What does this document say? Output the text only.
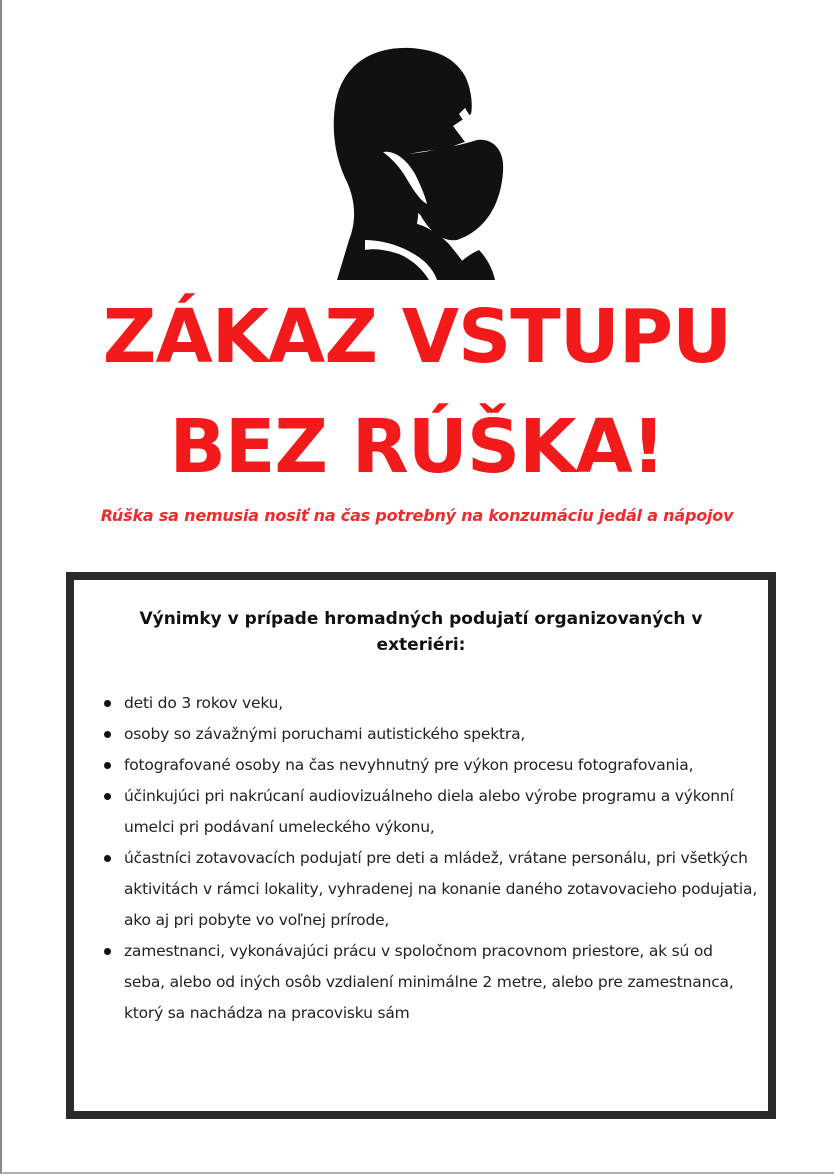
ZÁKAZ VSTUPU
BEZ RÚŠKA!
Rúška sa nemusia nosiť na čas potrebný na konzumáciu jedál a nápojov
Výnimky v prípade hromadných podujatí organizovaných v exteriéri:
deti do 3 rokov veku,
osoby so závažnými poruchami autistického spektra,
fotografované osoby na čas nevyhnutný pre výkon procesu fotografovania,
účinkujúci pri nakrúcaní audiovizuálneho diela alebo výrobe programu a výkonní umelci pri podávaní umeleckého výkonu,
účastníci zotavovacích podujatí pre deti a mládež, vrátane personálu, pri všetkých aktivitách v rámci lokality, vyhradenej na konanie daného zotavovacieho podujatia, ako aj pri pobyte vo voľnej prírode,
zamestnanci, vykonávajúci prácu v spoločnom pracovnom priestore, ak sú od seba, alebo od iných osôb vzdialení minimálne 2 metre, alebo pre zamestnanca, ktorý sa nachádza na pracovisku sám
